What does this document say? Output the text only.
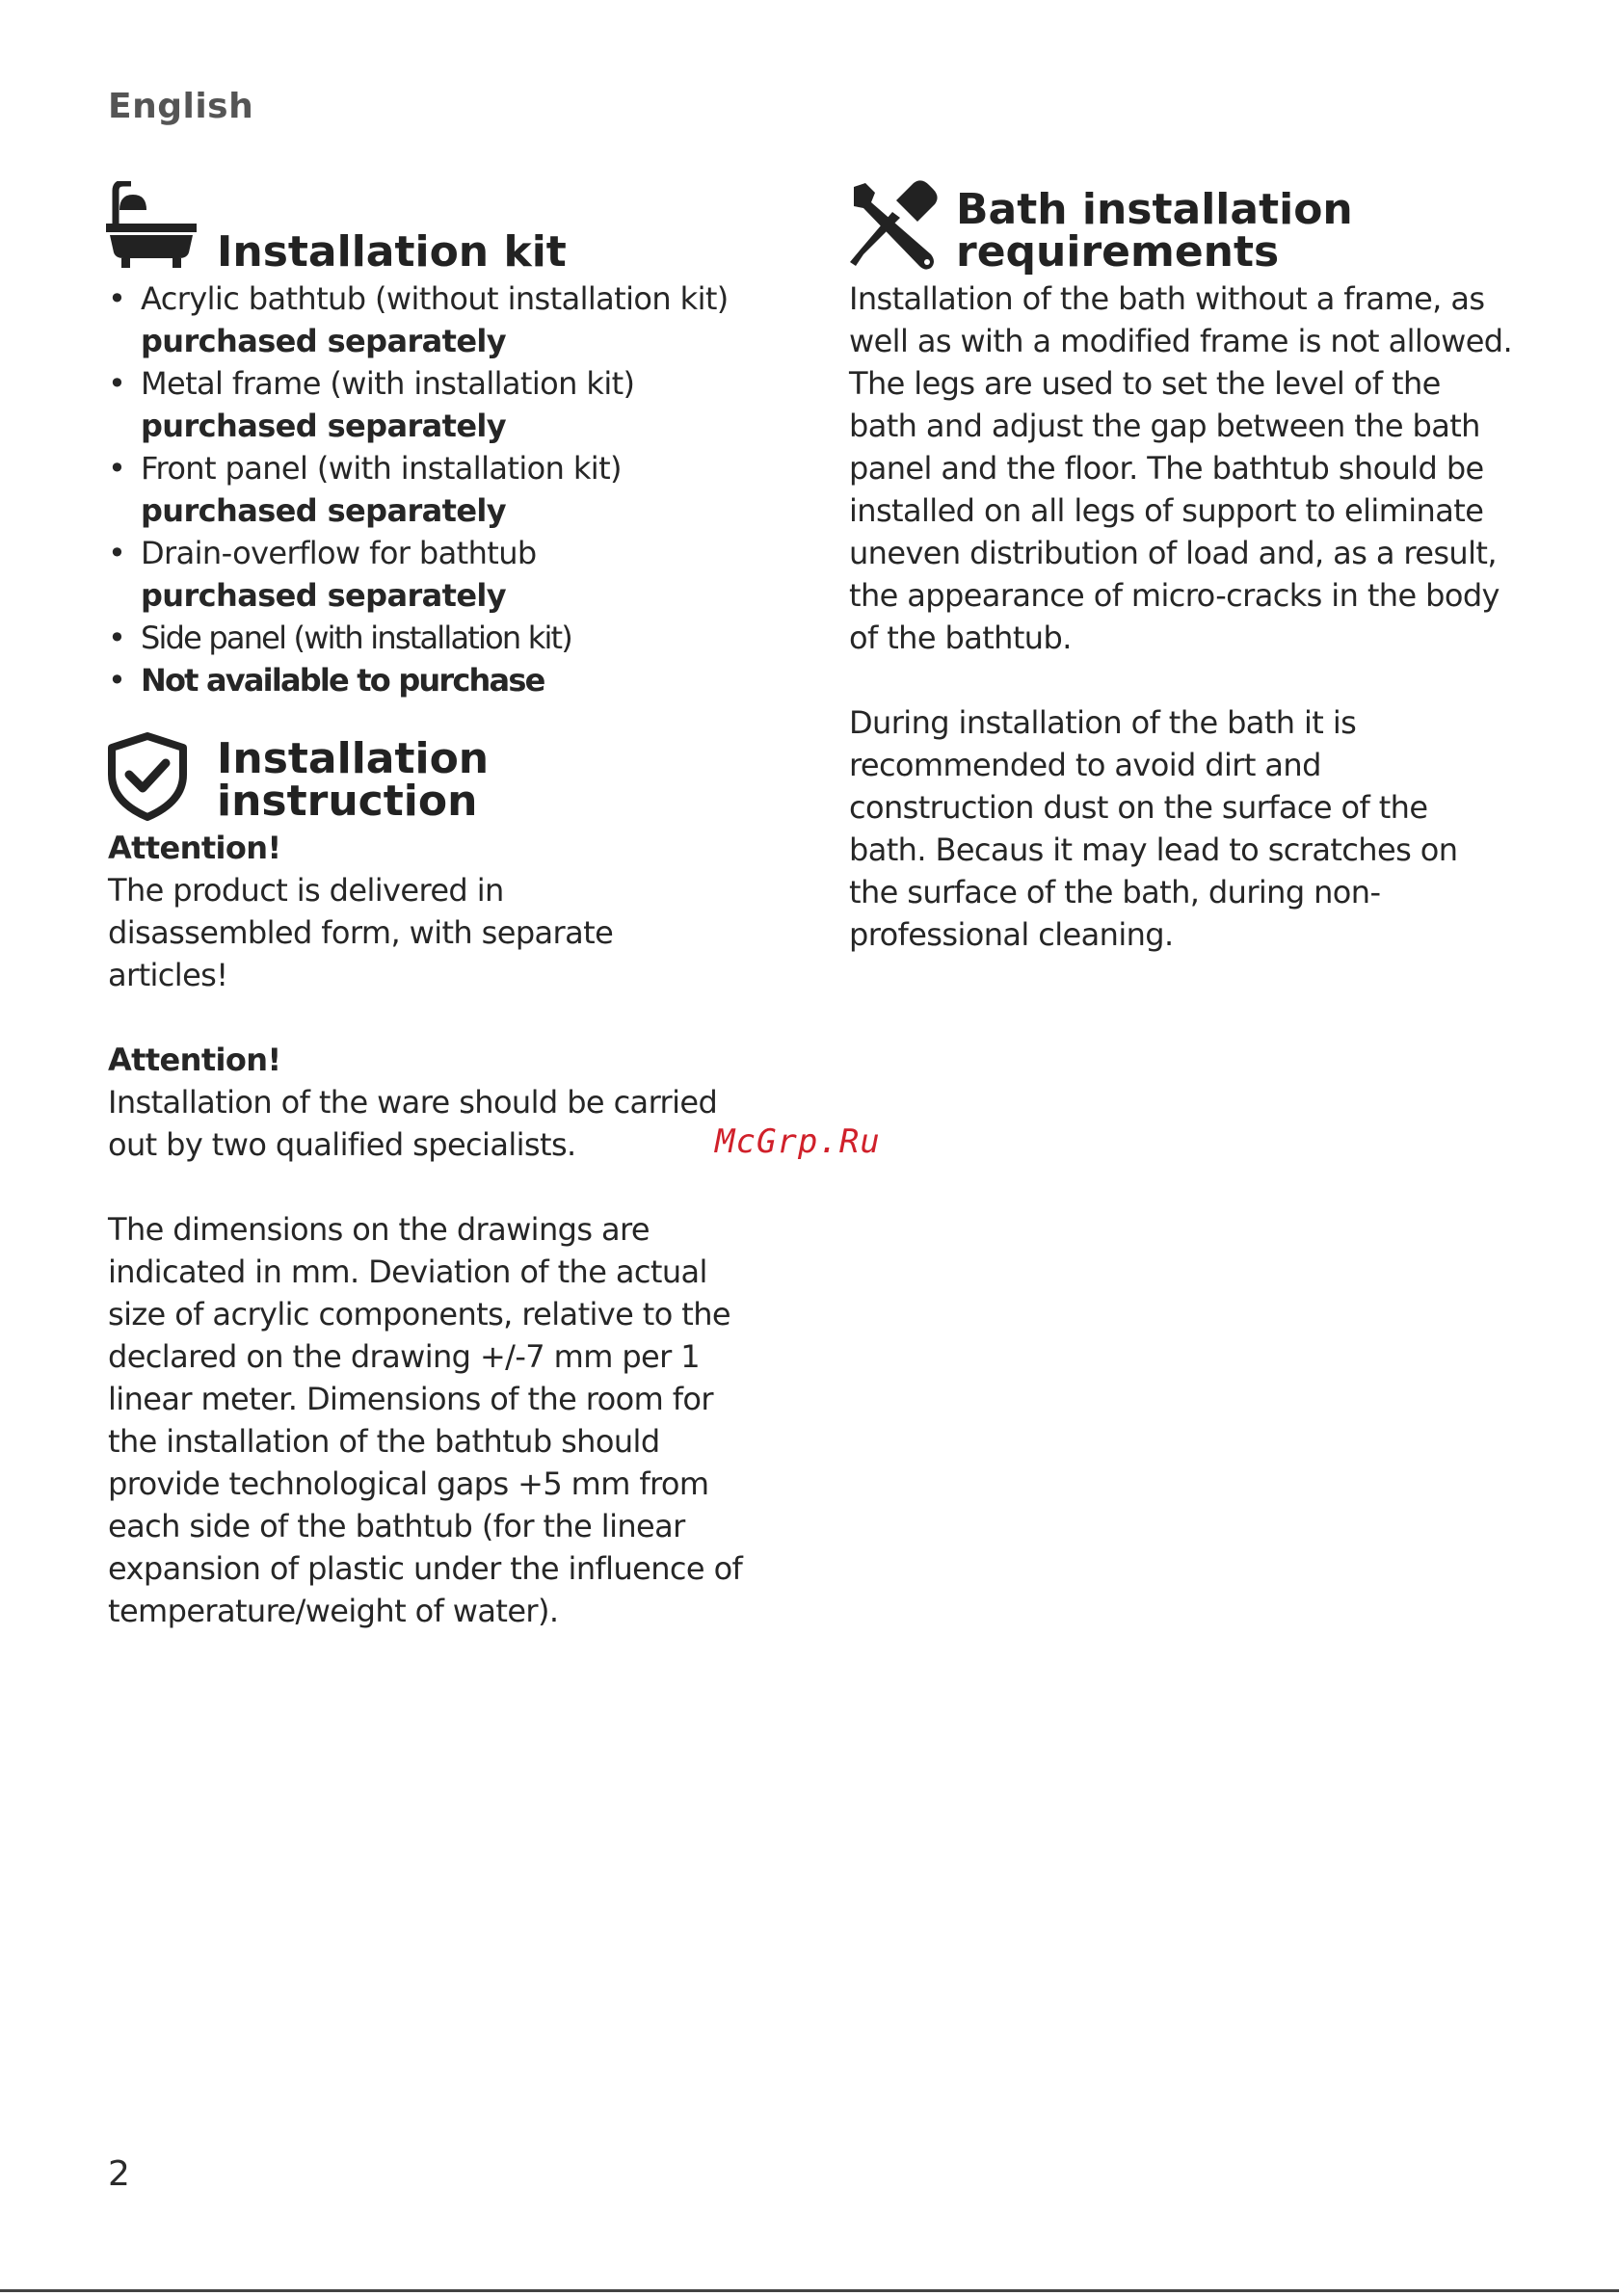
English
Installation kit
• Acrylic bathtub (without installation kit)
purchased separately
• Metal frame (with installation kit)
purchased separately
• Front panel (with installation kit)
purchased separately
• Drain-overflow for bathtub
purchased separately
• Side panel (with installation kit)
• Not available to purchase
Installation
instruction

Attention!

The product is delivered in disassembled form, with separate articles!

Attention!

Installation of the ware should be carried out by two qualified specialists.

The dimensions on the drawings are indicated in mm. Deviation of the actual size of acrylic components, relative to the declared on the drawing +/-7 mm per 1 linear meter. Dimensions of the room for the installation of the bathtub should provide technological gaps +5 mm from each side of the bathtub (for the linear expansion of plastic under the influence of temperature/weight of water).

Bath installation
requirements

Installation of the bath without a frame, as well as with a modified frame is not allowed. The legs are used to set the level of the bath and adjust the gap between the bath panel and the floor. The bathtub should be installed on all legs of support to eliminate uneven distribution of load and, as a result, the appearance of micro-cracks in the body of the bathtub.

During installation of the bath it is recommended to avoid dirt and construction dust on the surface of the bath. Becaus it may lead to scratches on the surface of the bath, during non-professional cleaning.

McGrp.Ru
2
